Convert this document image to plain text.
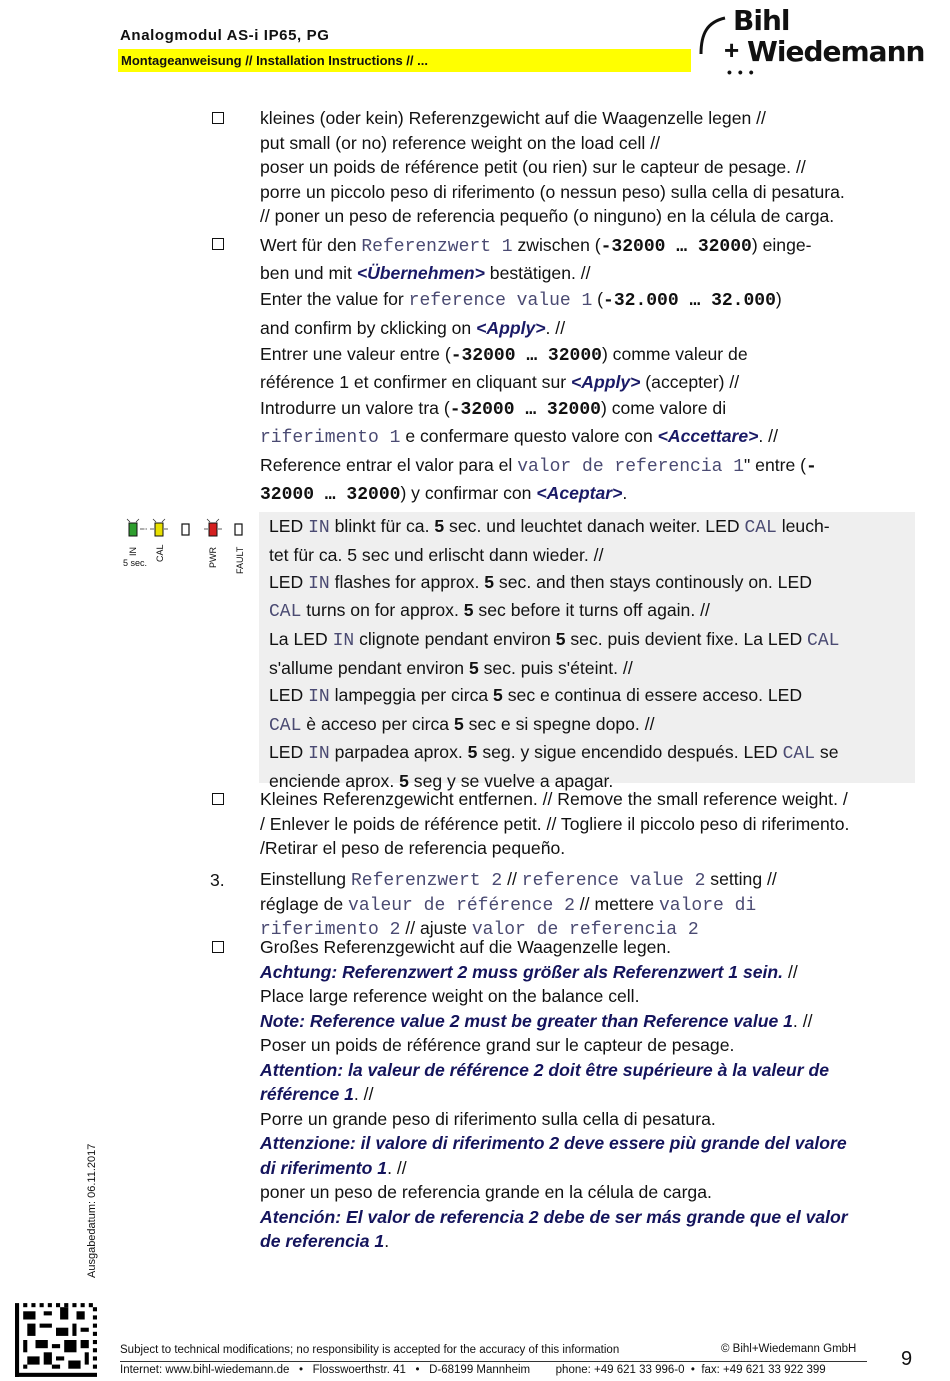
Analogmodul AS-i IP65, PG
Montageanweisung // Installation Instructions // ...
Bihl
+ Wiedemann
•••
kleines (oder kein) Referenzgewicht auf die Waagenzelle legen //
put small (or no) reference weight on the load cell //
poser un poids de référence petit (ou rien) sur le capteur de pesage. //
porre un piccolo peso di riferimento (o nessun peso) sulla cella di pesatura.
// poner un peso de referencia pequeño (o ninguno) en la célula de carga.
Wert für den Referenzwert 1 zwischen (-32000 … 32000) einge-
ben und mit <Übernehmen> bestätigen. //
Enter the value for reference value 1 (-32.000 … 32.000)
and confirm by cklicking on <Apply>. //
Entrer une valeur entre (-32000 … 32000) comme valeur de
référence 1 et confirmer en cliquant sur <Apply> (accepter) //
Introdurre un valore tra (-32000 … 32000) come valore di
riferimento 1 e confermare questo valore con <Accettare>. //
Reference entrar el valor para el valor de referencia 1" entre (-
32000 … 32000) y confirmar con <Aceptar>.
IN
5 sec.
CAL	PWR FAULT
LED IN blinkt für ca. 5 sec. und leuchtet danach weiter. LED CAL leuch-
tet für ca. 5 sec und erlischt dann wieder. //
LED IN flashes for approx. 5 sec. and then stays continously on. LED
CAL turns on for approx. 5 sec before it turns off again. //
La LED IN clignote pendant environ 5 sec. puis devient fixe. La LED CAL
s'allume pendant environ 5 sec. puis s'éteint. //
LED IN lampeggia per circa 5 sec e continua di essere acceso. LED
CAL è acceso per circa 5 sec e si spegne dopo. //
LED IN parpadea aprox. 5 seg. y sigue encendido después. LED CAL se
enciende aprox. 5 seg y se vuelve a apagar.
Kleines Referenzgewicht entfernen. // Remove the small reference weight. /
/ Enlever le poids de référence petit. // Togliere il piccolo peso di riferimento.
/Retirar el peso de referencia pequeño.
3. Einstellung Referenzwert 2 // reference value 2 setting //
réglage de valeur de référence 2 // mettere valore di
riferimento 2 // ajuste valor de referencia 2
Großes Referenzgewicht auf die Waagenzelle legen.
Achtung: Referenzwert 2 muss größer als Referenzwert 1 sein. //
Place large reference weight on the balance cell.
Note: Reference value 2 must be greater than Reference value 1. //
Poser un poids de référence grand sur le capteur de pesage.
Attention: la valeur de référence 2 doit être supérieure à la valeur de
référence 1. //
Porre un grande peso di riferimento sulla cella di pesatura.
Attenzione: il valore di riferimento 2 deve essere più grande del valore
di riferimento 1. //
poner un peso de referencia grande en la célula de carga.
Atención: El valor de referencia 2 debe de ser más grande que el valor
de referencia 1.
Ausgabedatum: 06.11.2017
Subject to technical modifications; no responsibility is accepted for the accuracy of this information	© Bihl+Wiedemann GmbH
Internet: www.bihl-wiedemann.de   •   Flosswoerthstr. 41   •   D-68199 Mannheim        phone: +49 621 33 996-0  •  fax: +49 621 33 922 399	9
